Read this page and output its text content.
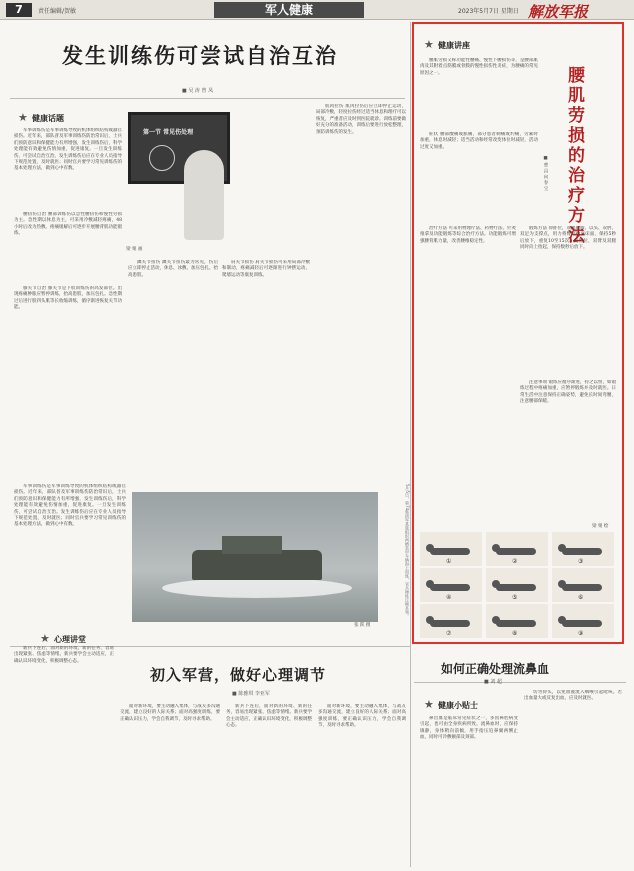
7	责任编辑/贺敏	军人健康	2023年5月7日 星期日 解放军报
发生训练伤可尝试自治互治
■ 吴 涛 曾 凤
★ 健康话题
军事训练伤是军事训练导致的机体组织结构或器官损伤。近年来，部队普及军事训练伤防治常识后，士兵们预防意识和保健能力有所增强，发生训练伤后，科学处理能有效避免伤情加重，促进康复。一旦发生训练伤，可尝试自治互治。发生训练伤后应在专业人员指导下规范处置，及时就医；同时官兵要学习常见训练伤的基本处理方法，做到心中有数。
腰扭伤自治 腰部训练伤以急性腰扭伤和慢性劳损为主。急性期以休息为主，可采用冷敷减轻疼痛，48小时后改为热敷。疼痛缓解后可逐步开展腰背肌功能锻炼。
膝关节自治 膝关节是下肢训练伤的高发部位。出现疼痛肿胀应暂停训练，抬高患肢，加压包扎。急性期过后进行股四头肌等长收缩训练，循序渐进恢复关节功能。
第一节 常见伤处理
梁 栗 画
踝关节扭伤 踝关节扭伤最为常见，伤后应立即停止活动，休息、冰敷、加压包扎、抬高患肢。
肩关节损伤 肩关节损伤可采用局部冷敷和制动，疼痛减轻后可逐渐进行钟摆运动、爬墙运动等康复训练。
肌肉拉伤 肌肉拉伤后应立即停止运动，局部冷敷，轻度拉伤经过适当休息和理疗可以恢复，严重者应及时到医院就诊。训练前要做好充分的准备活动，训练后要进行放松整理，预防训练伤的发生。
5月5日，第74集团军某旅组织两栖装甲车辆海上训练，官兵锤炼过硬本领。
张 跃 摄
军事训练伤是军事训练导致的机体组织结构或器官损伤。近年来，部队普及军事训练伤防治常识后，士兵们预防意识和保健能力有所增强，发生训练伤后，科学处理能有效避免伤情加重，促进康复。一旦发生训练伤，可尝试自治互治。发生训练伤后应在专业人员指导下规范处置，及时就医；同时官兵要学习常见训练伤的基本处理方法，做到心中有数。
★ 健康讲座
腰肌劳损的治疗方法
■ 曹 昌 何 春 宝
腰肌劳损又称功能性腰痛、慢性下腰损伤等，是腰部肌肉及其附着点筋膜或骨膜的慢性损伤性炎症，为腰痛的常见原因之一。
症状 腰部酸痛或胀痛，部分患者刺痛或灼痛，劳累时加重，休息时减轻；适当活动和经常改变体位时减轻，活动过度又加重。
治疗方法 可采用物理疗法、药物疗法、针灸推拿及功能锻炼等综合治疗方法。功能锻炼可增强腰背肌力量，改善腰椎稳定性。
锻炼方法 仰卧位，双腿屈膝，以头、双肘、双足为支撑点，用力将臀部抬离床面，保持5秒后放下，重复10至15次。俯卧位，双臂及双腿同时向上抬起，保持数秒后放下。
注意事项 锻炼应循序渐进，持之以恒，如锻炼过程中疼痛加重，应暂停锻炼并及时就医。日常生活中注意保持正确姿势，避免长时间弯腰，注意腰部保暖。
梁 栗 绘
①	②	③
④	⑤	⑥
⑦	⑧	⑨
★ 心理讲堂
初入军营，做好心理调节
■ 陈雅琪 李亚军
新兵下连后，面对新的环境、新的任务，容易出现紧张、焦虑等情绪。新兵要学会主动适应，正确认识环境变化，积极调整心态。
面对新环境，要主动融入集体，与战友多沟通交流，建立良好的人际关系；面对高强度训练，要正确认识压力，学会自我调节，及时寻求帮助。
新兵下连后，面对新的环境、新的任务，容易出现紧张、焦虑等情绪。新兵要学会主动适应，正确认识环境变化，积极调整心态。
面对新环境，要主动融入集体，与战友多沟通交流，建立良好的人际关系；面对高强度训练，要正确认识压力，学会自我调节，及时寻求帮助。
如何正确处理流鼻血
■ 刘 超
★ 健康小贴士
鼻出血是临床常见症状之一，多因鼻腔病变引起，也可由全身疾病所致。流鼻血时，应保持镇静，身体稍向前倾，用手指压迫鼻翼两侧止血，同时可冷敷额部及颈部。
切勿仰头，以免血液流入咽喉引起呛咳。若出血量大或反复出血，应及时就医。
